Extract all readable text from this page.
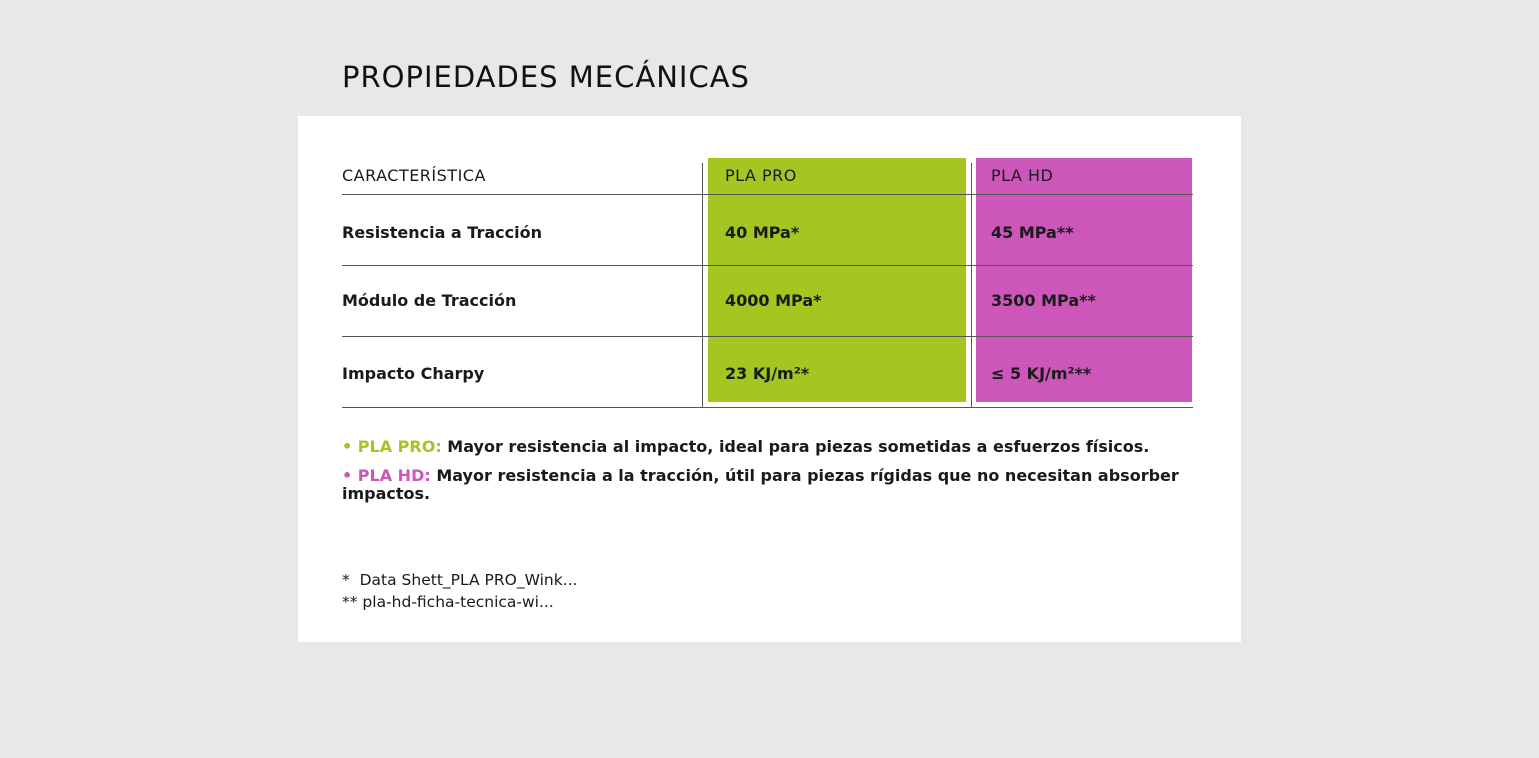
PROPIEDADES MECÁNICAS
CARACTERÍSTICA	PLA PRO	PLA HD
Resistencia a Tracción	40 MPa*	45 MPa**
Módulo de Tracción	4000 MPa*	3500 MPa**
Impacto Charpy	23 KJ/m²*	≤ 5 KJ/m²**
• PLA PRO: Mayor resistencia al impacto, ideal para piezas sometidas a esfuerzos físicos.
• PLA HD: Mayor resistencia a la tracción, útil para piezas rígidas que no necesitan absorber impactos.
*  Data Shett_PLA PRO_Wink...
** pla-hd-ficha-tecnica-wi...
